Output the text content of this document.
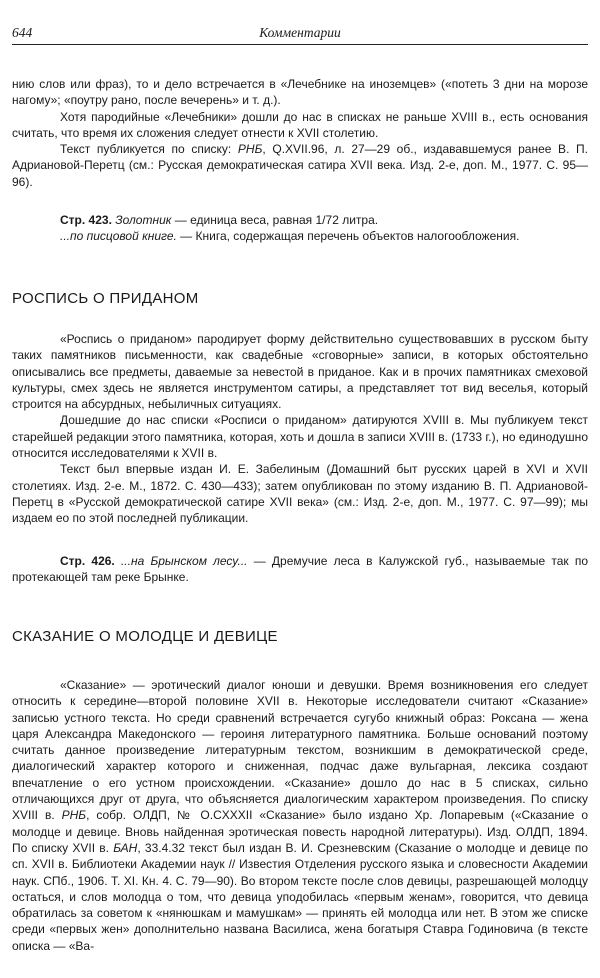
644	Комментарии

нию слов или фраз), то и дело встречается в «Лечебнике на иноземцев» («потеть 3 дни на морозе нагому»; «поутру рано, после вечерень» и т. д.).

Хотя пародийные «Лечебники» дошли до нас в списках не раньше XVIII в., есть основания считать, что время их сложения следует отнести к XVII столетию.

Текст публикуется по списку: РНБ, Q.XVII.96, л. 27—29 об., издававшемуся ранее В. П. Адриановой-Перетц (см.: Русская демократическая сатира XVII века. Изд. 2-е, доп. М., 1977. С. 95—96).

Стр. 423. Золотник — единица веса, равная 1/72 литра.
...по писцовой книге. — Книга, содержащая перечень объектов налогообложения.
РОСПИСЬ О ПРИДАНОМ

«Роспись о приданом» пародирует форму действительно существовавших в русском быту таких памятников письменности, как свадебные «сговорные» записи, в которых обстоятельно описывались все предметы, даваемые за невестой в приданое. Как и в прочих памятниках смеховой культуры, смех здесь не является инструментом сатиры, а представляет тот вид веселья, который строится на абсурдных, небыличных ситуациях.

Дошедшие до нас списки «Росписи о приданом» датируются XVIII в. Мы публикуем текст старейшей редакции этого памятника, которая, хоть и дошла в записи XVIII в. (1733 г.), но единодушно относится исследователями к XVII в.

Текст был впервые издан И. Е. Забелиным (Домашний быт русских царей в XVI и XVII столетиях. Изд. 2-е. М., 1872. С. 430—433); затем опубликован по этому изданию В. П. Адриановой-Перетц в «Русской демократической сатире XVII века» (см.: Изд. 2-е, доп. М., 1977. С. 97—99); мы издаем ео по этой последней публикации.

Стр. 426. ...на Брынском лесу... — Дремучие леса в Калужской губ., называемые так по протекающей там реке Брынке.
СКАЗАНИЕ О МОЛОДЦЕ И ДЕВИЦЕ

«Сказание» — эротический диалог юноши и девушки. Время возникновения его следует относить к середине—второй половине XVII в. Некоторые исследователи считают «Сказание» записью устного текста. Но среди сравнений встречается сугубо книжный образ: Роксана — жена царя Александра Македонского — героиня литературного памятника. Больше оснований поэтому считать данное произведение литературным текстом, возникшим в демократической среде, диалогический характер которого и сниженная, подчас даже вульгарная, лексика создают впечатление о его устном происхождении. «Сказание» дошло до нас в 5 списках, сильно отличающихся друг от друга, что объясняется диалогическим характером произведения. По списку XVIII в. РНБ, собр. ОЛДП, № О.CXXXII «Сказание» было издано Хр. Лопаревым («Сказание о молодце и девице. Вновь найденная эротическая повесть народной литературы). Изд. ОЛДП, 1894. По списку XVII в. БАН, 33.4.32 текст был издан В. И. Срезневским (Сказание о молодце и девице по сп. XVII в. Библиотеки Академии наук // Известия Отделения русского языка и словесности Академии наук. СПб., 1906. Т. XI. Кн. 4. С. 79—90). Во втором тексте после слов девицы, разрешающей молодцу остаться, и слов молодца о том, что девица уподобилась «первым женам», говорится, что девица обратилась за советом к «нянюшкам и мамушкам» — принять ей молодца или нет. В этом же списке среди «первых жен» дополнительно названа Василиса, жена богатыря Ставра Годиновича (в тексте описка — «Ва-
